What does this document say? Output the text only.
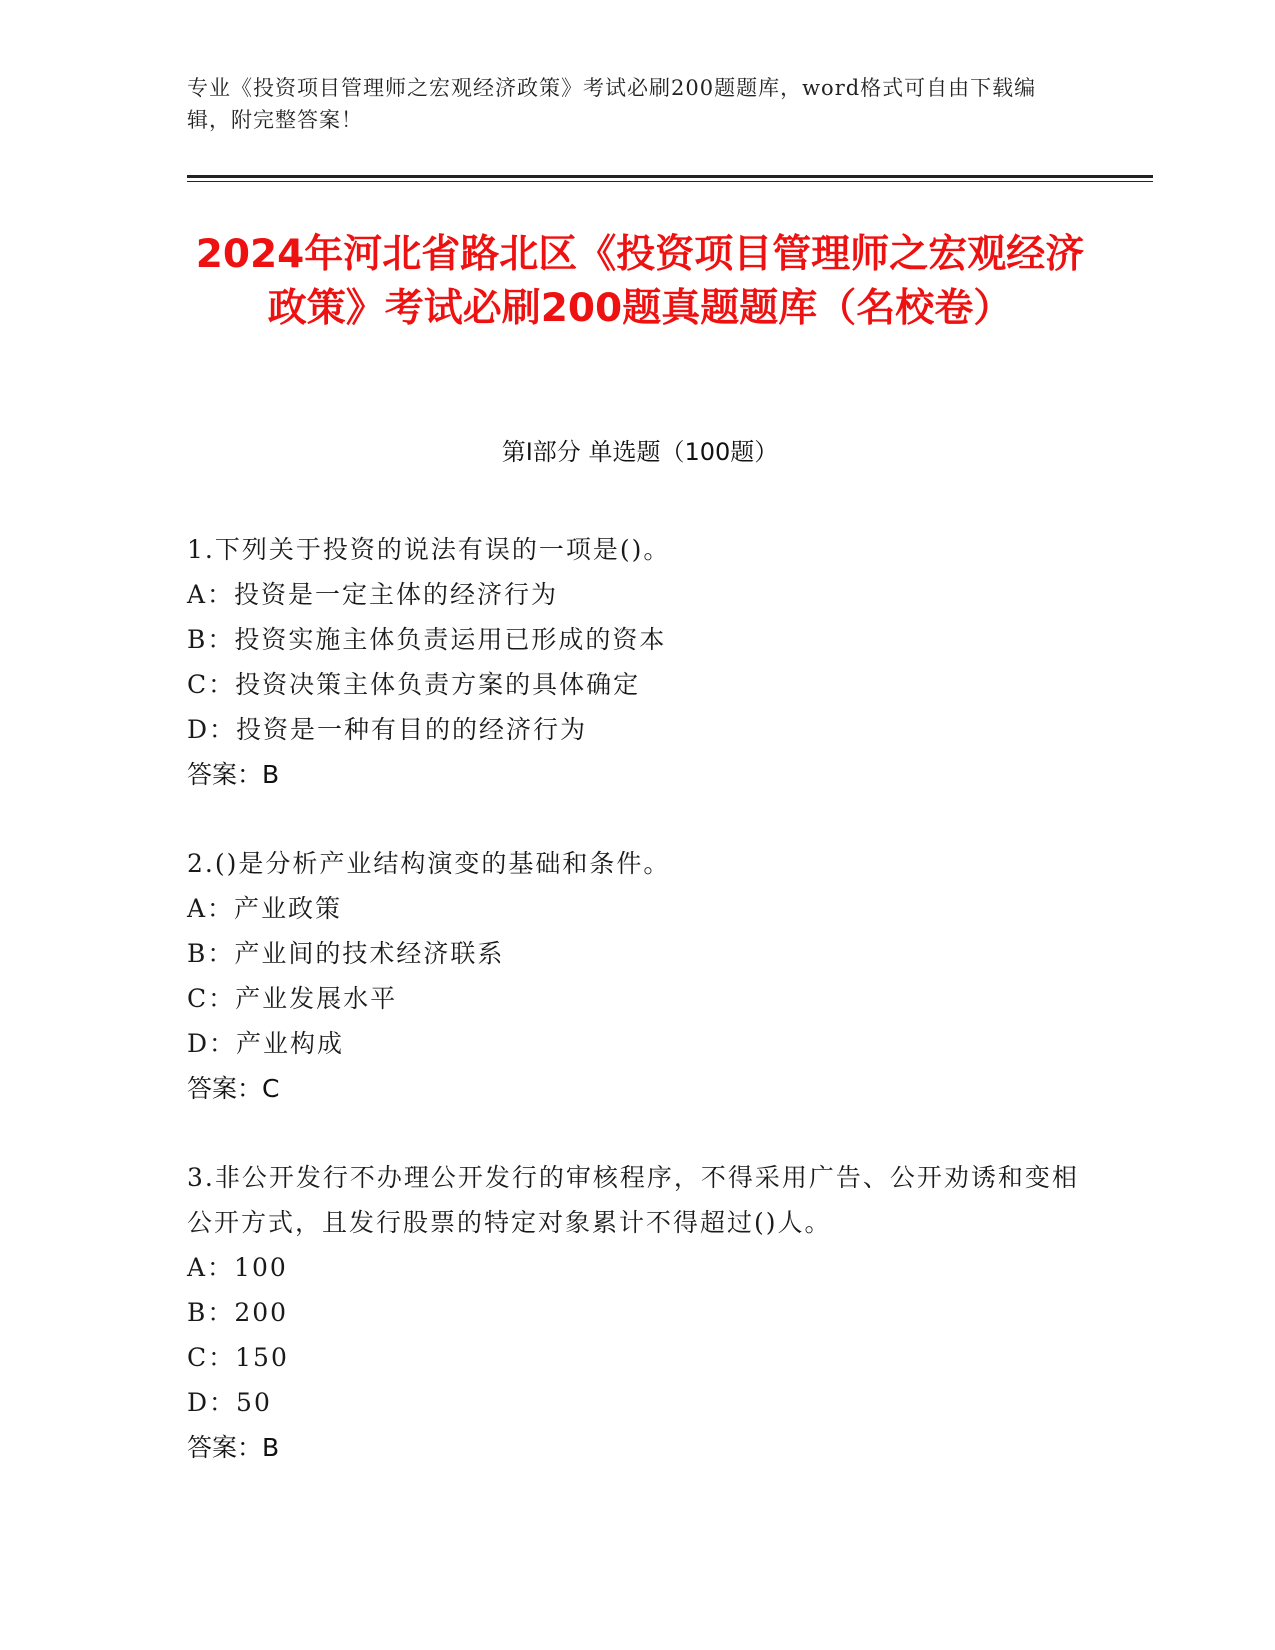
专业《投资项目管理师之宏观经济政策》考试必刷200题题库，word格式可自由下载编辑，附完整答案！
2024年河北省路北区《投资项目管理师之宏观经济政策》考试必刷200题真题题库（名校卷）
第Ⅰ部分 单选题（100题）
1.下列关于投资的说法有误的一项是()。
A：投资是一定主体的经济行为
B：投资实施主体负责运用已形成的资本
C：投资决策主体负责方案的具体确定
D：投资是一种有目的的经济行为
答案：B
2.()是分析产业结构演变的基础和条件。
A：产业政策
B：产业间的技术经济联系
C：产业发展水平
D：产业构成
答案：C
3.非公开发行不办理公开发行的审核程序，不得采用广告、公开劝诱和变相公开方式，且发行股票的特定对象累计不得超过()人。
A：100
B：200
C：150
D：50
答案：B
